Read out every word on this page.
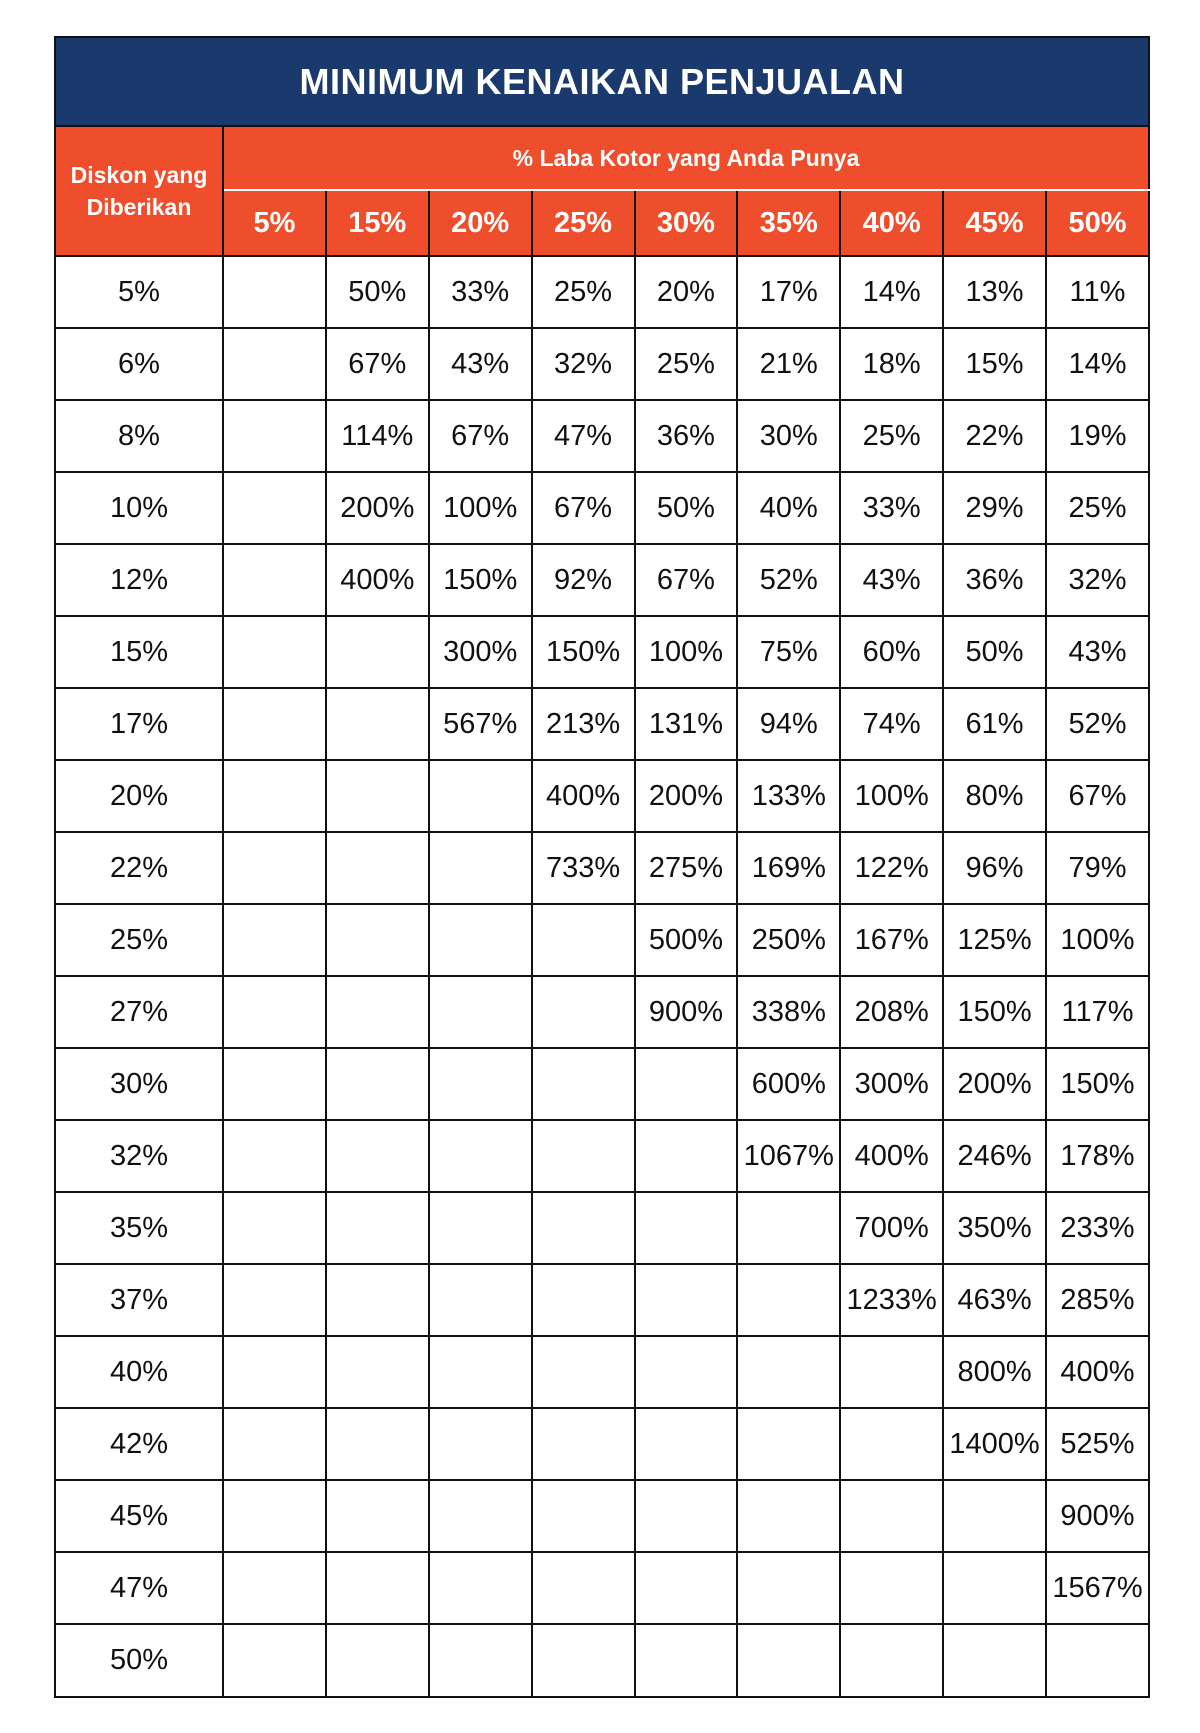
MINIMUM KENAIKAN PENJUALAN
Diskon yang Diberikan	% Laba Kotor yang Anda Punya								
	5%	15%	20%	25%	30%	35%	40%	45%	50%
5%		50%	33%	25%	20%	17%	14%	13%	11%
6%		67%	43%	32%	25%	21%	18%	15%	14%
8%		114%	67%	47%	36%	30%	25%	22%	19%
10%		200%	100%	67%	50%	40%	33%	29%	25%
12%		400%	150%	92%	67%	52%	43%	36%	32%
15%			300%	150%	100%	75%	60%	50%	43%
17%			567%	213%	131%	94%	74%	61%	52%
20%				400%	200%	133%	100%	80%	67%
22%				733%	275%	169%	122%	96%	79%
25%					500%	250%	167%	125%	100%
27%					900%	338%	208%	150%	117%
30%						600%	300%	200%	150%
32%						1067%	400%	246%	178%
35%							700%	350%	233%
37%							1233%	463%	285%
40%								800%	400%
42%								1400%	525%
45%									900%
47%									1567%
50%									
